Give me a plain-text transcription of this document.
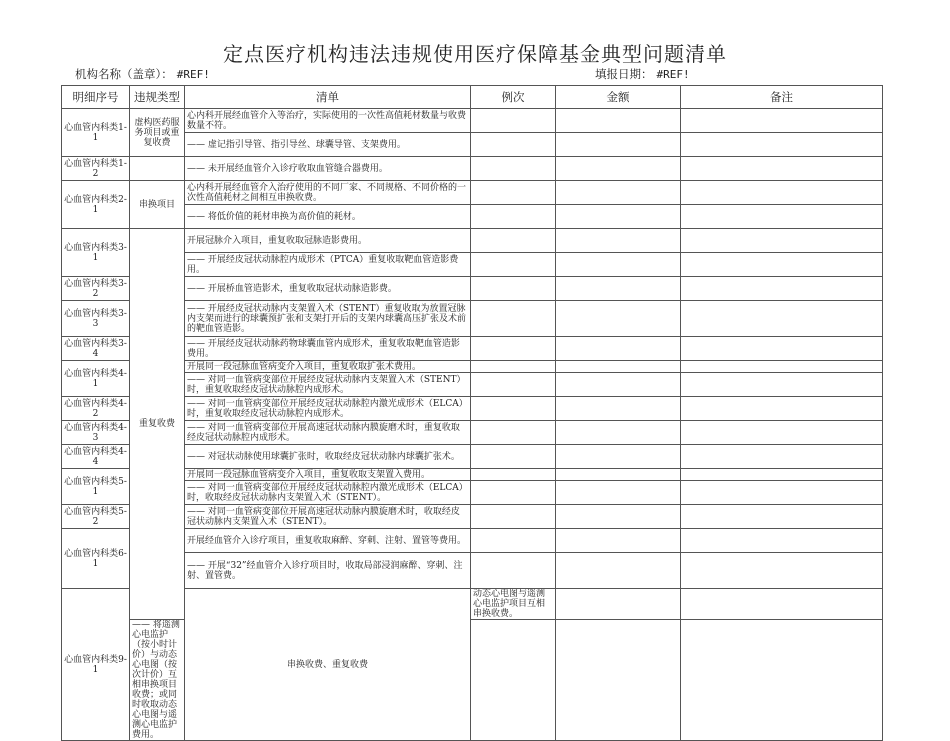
定点医疗机构违法违规使用医疗保障基金典型问题清单
机构名称（盖章）： #REF!	填报日期： #REF!
明细序号	违规类型	清单	例次	金额	备注	
心血管内科类1-1	虚构医药服务项目或重复收费	心内科开展经血管介入等治疗，实际使用的一次性高值耗材数量与收费数量不符。				
		—— 虚记指引导管、指引导丝、球囊导管、支架费用。				
心血管内科类1-2		—— 未开展经血管介入诊疗收取血管缝合器费用。				
心血管内科类2-1	串换项目	心内科开展经血管介入治疗使用的不同厂家、不同规格、不同价格的一次性高值耗材之间相互串换收费。				
		—— 将低价值的耗材串换为高价值的耗材。				
心血管内科类3-1	重复收费	开展冠脉介入项目，重复收取冠脉造影费用。				
		—— 开展经皮冠状动脉腔内成形术（PTCA）重复收取靶血管造影费用。				
心血管内科类3-2		—— 开展桥血管造影术，重复收取冠状动脉造影费。				
心血管内科类3-3		—— 开展经皮冠状动脉内支架置入术（STENT）重复收取为放置冠脉内支架而进行的球囊预扩张和支架打开后的支架内球囊高压扩张及术前的靶血管造影。				
心血管内科类3-4		—— 开展经皮冠状动脉药物球囊血管内成形术，重复收取靶血管造影费用。				
心血管内科类4-1		开展同一段冠脉血管病变介入项目，重复收取扩张术费用。				
		—— 对同一血管病变部位开展经皮冠状动脉内支架置入术（STENT）时，重复收取经皮冠状动脉腔内成形术。				
心血管内科类4-2		—— 对同一血管病变部位开展经皮冠状动脉腔内激光成形术（ELCA）时，重复收取经皮冠状动脉腔内成形术。				
心血管内科类4-3		—— 对同一血管病变部位开展高速冠状动脉内膜旋磨术时，重复收取经皮冠状动脉腔内成形术。				
心血管内科类4-4		—— 对冠状动脉使用球囊扩张时，收取经皮冠状动脉内球囊扩张术。				
心血管内科类5-1		开展同一段冠脉血管病变介入项目，重复收取支架置入费用。				
		—— 对同一血管病变部位开展经皮冠状动脉腔内激光成形术（ELCA）时，收取经皮冠状动脉内支架置入术（STENT）。				
心血管内科类5-2		—— 对同一血管病变部位开展高速冠状动脉内膜旋磨术时，收取经皮冠状动脉内支架置入术（STENT）。				
心血管内科类6-1		开展经血管介入诊疗项目，重复收取麻醉、穿刺、注射、置管等费用。				
		—— 开展“32”经血管介入诊疗项目时，收取局部浸润麻醉、穿刺、注射、置管费。				
心血管内科类9-1		串换收费、重复收费	动态心电图与遥测心电监护项目互相串换收费。			
	—— 将遥测心电监护（按小时计价）与动态心电图（按次计价）互相串换项目收费；或同时收取动态心电图与遥测心电监护费用。					
